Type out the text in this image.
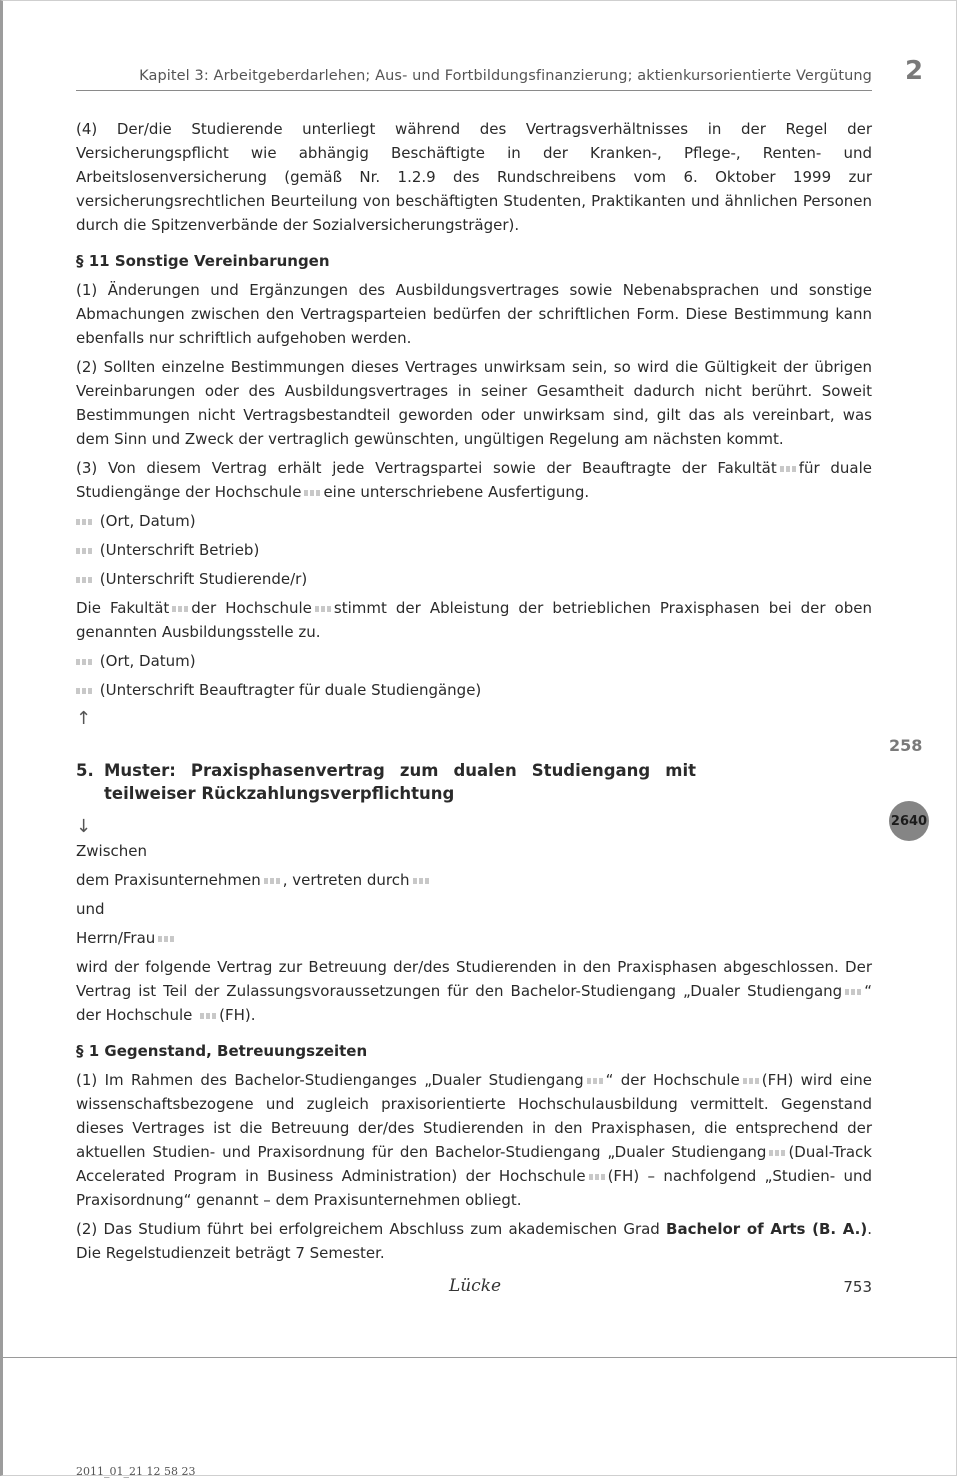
Kapitel 3: Arbeitgeberdarlehen; Aus- und Fortbildungsfinanzierung; aktienkursorientierte Vergütung 2

(4) Der/die Studierende unterliegt während des Vertragsverhältnisses in der Regel der Versicherungspflicht wie abhängig Beschäftigte in der Kranken-, Pflege-, Renten- und Arbeitslosenversicherung (gemäß Nr. 1.2.9 des Rundschreibens vom 6. Oktober 1999 zur versicherungsrechtlichen Beurteilung von beschäftigten Studenten, Praktikanten und ähnlichen Personen durch die Spitzenverbände der Sozialversicherungsträger).

§ 11 Sonstige Vereinbarungen

(1) Änderungen und Ergänzungen des Ausbildungsvertrages sowie Nebenabsprachen und sonstige Abmachungen zwischen den Vertragsparteien bedürfen der schriftlichen Form. Diese Bestimmung kann ebenfalls nur schriftlich aufgehoben werden.

(2) Sollten einzelne Bestimmungen dieses Vertrages unwirksam sein, so wird die Gültigkeit der übrigen Vereinbarungen oder des Ausbildungsvertrages in seiner Gesamtheit dadurch nicht berührt. Soweit Bestimmungen nicht Vertragsbestandteil geworden oder unwirksam sind, gilt das als vereinbart, was dem Sinn und Zweck der vertraglich gewünschten, ungültigen Regelung am nächsten kommt.

(3) Von diesem Vertrag erhält jede Vertragspartei sowie der Beauftragte der Fakultät für duale Studiengänge der Hochschule eine unterschriebene Ausfertigung.

(Ort, Datum)
(Unterschrift Betrieb)
(Unterschrift Studierende/r)

Die Fakultät der Hochschule stimmt der Ableistung der betrieblichen Praxisphasen bei der oben genannten Ausbildungsstelle zu.

(Ort, Datum)
(Unterschrift Beauftragter für duale Studiengänge)
↑
5. Muster: Praxisphasenvertrag zum dualen Studiengang mit teilweiser Rückzahlungsverpflichtung
↓
Zwischen
dem Praxisunternehmen , vertreten durch
und
Herrn/Frau

wird der folgende Vertrag zur Betreuung der/des Studierenden in den Praxisphasen abgeschlossen. Der Vertrag ist Teil der Zulassungsvoraussetzungen für den Bachelor-Studiengang „Dualer Studiengang “ der Hochschule (FH).

§ 1 Gegenstand, Betreuungszeiten

(1) Im Rahmen des Bachelor-Studienganges „Dualer Studiengang “ der Hochschule (FH) wird eine wissenschaftsbezogene und zugleich praxisorientierte Hochschulausbildung vermittelt. Gegenstand dieses Vertrages ist die Betreuung der/des Studierenden in den Praxisphasen, die entsprechend der aktuellen Studien- und Praxisordnung für den Bachelor-Studiengang „Dualer Studiengang (Dual-Track Accelerated Program in Business Administration) der Hochschule (FH) – nachfolgend „Studien- und Praxisordnung“ genannt – dem Praxisunternehmen obliegt.

(2) Das Studium führt bei erfolgreichem Abschluss zum akademischen Grad Bachelor of Arts (B. A.). Die Regelstudienzeit beträgt 7 Semester.

258
2640
Lücke	753
2011_01_21 12 58 23
